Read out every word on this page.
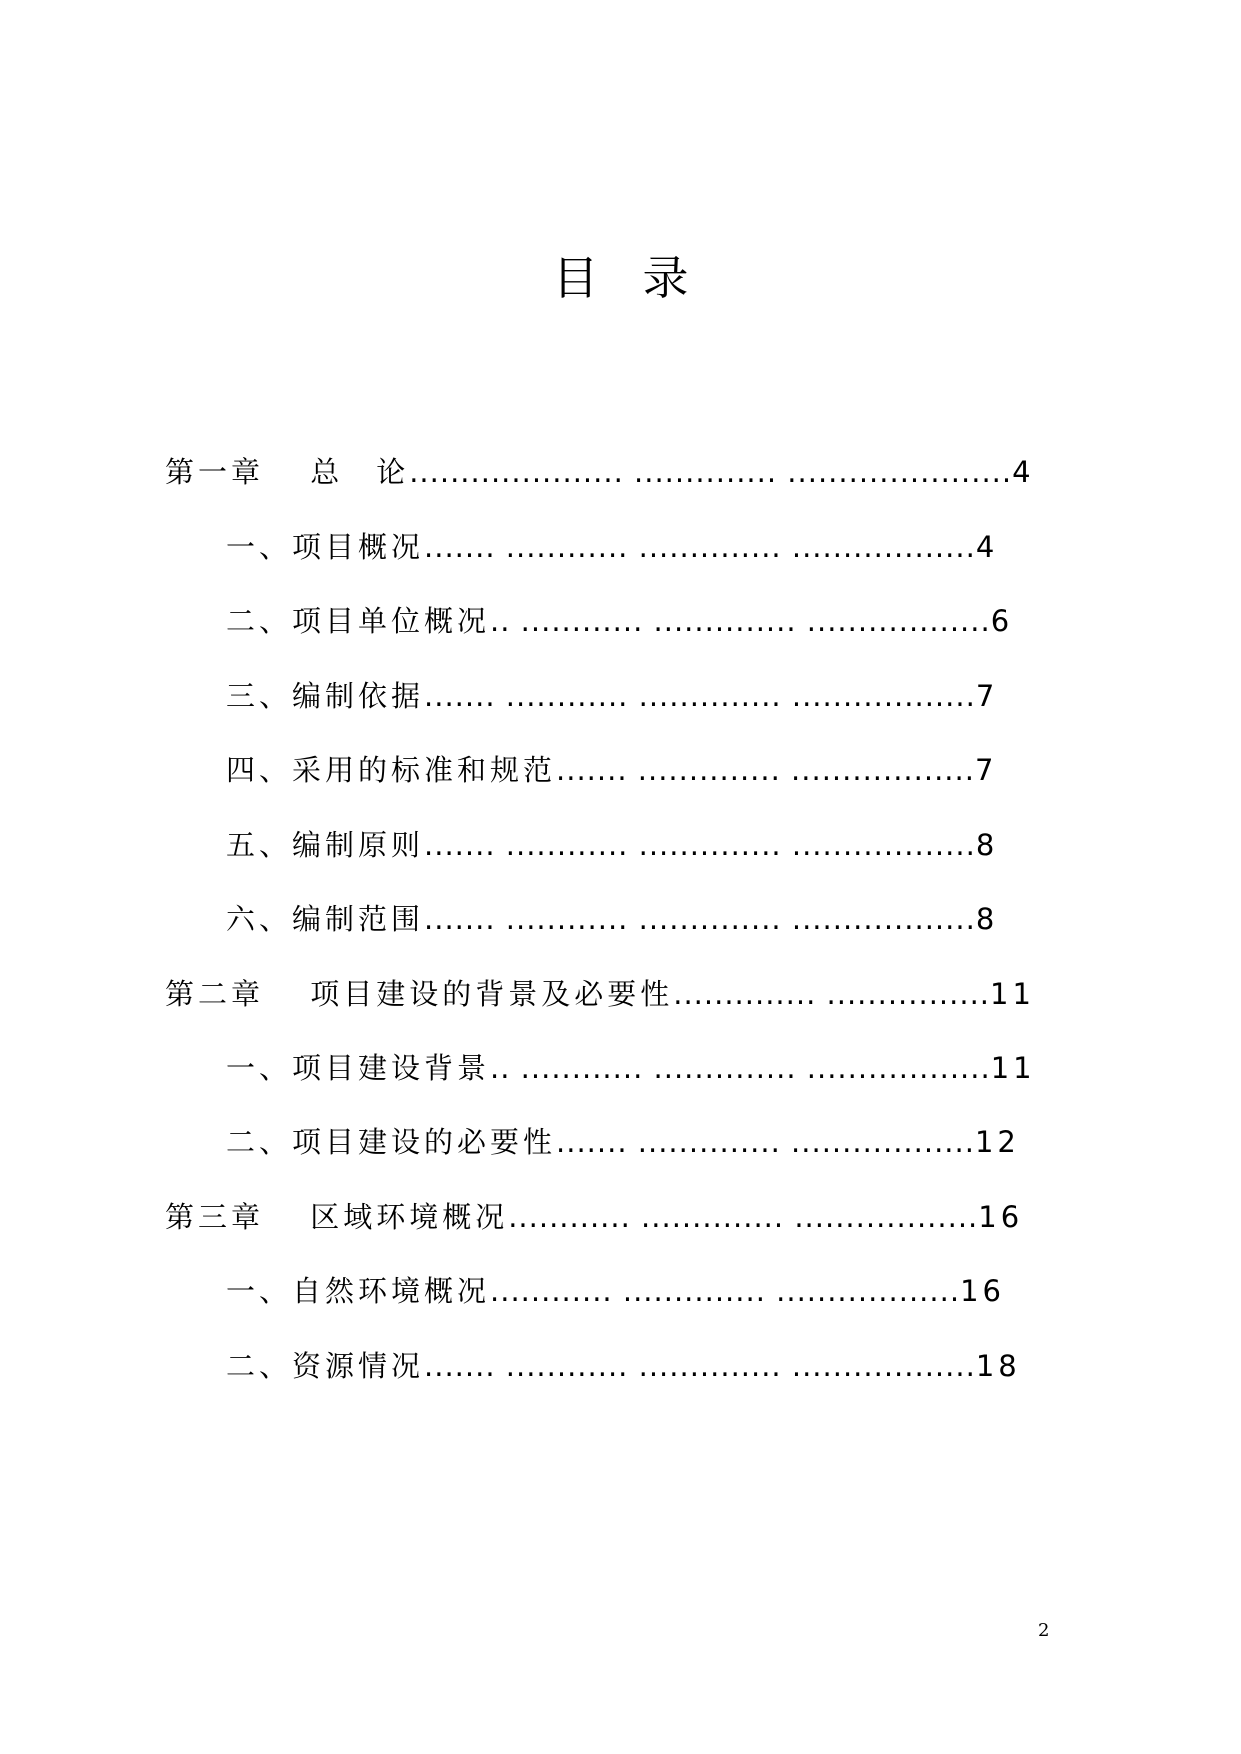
目 录
第一章　 总　论..................... .............. ......................4
一、项目概况....... ............ .............. ..................4
二、项目单位概况.. ............ .............. ..................6
三、编制依据....... ............ .............. ..................7
四、采用的标准和规范....... .............. ..................7
五、编制原则....... ............ .............. ..................8
六、编制范围....... ............ .............. ..................8
第二章　 项目建设的背景及必要性.............. ................11
一、项目建设背景.. ............ .............. ..................11
二、项目建设的必要性....... .............. ..................12
第三章　 区域环境概况............ .............. ..................16
一、自然环境概况............ .............. ..................16
二、资源情况....... ............ .............. ..................18
2
